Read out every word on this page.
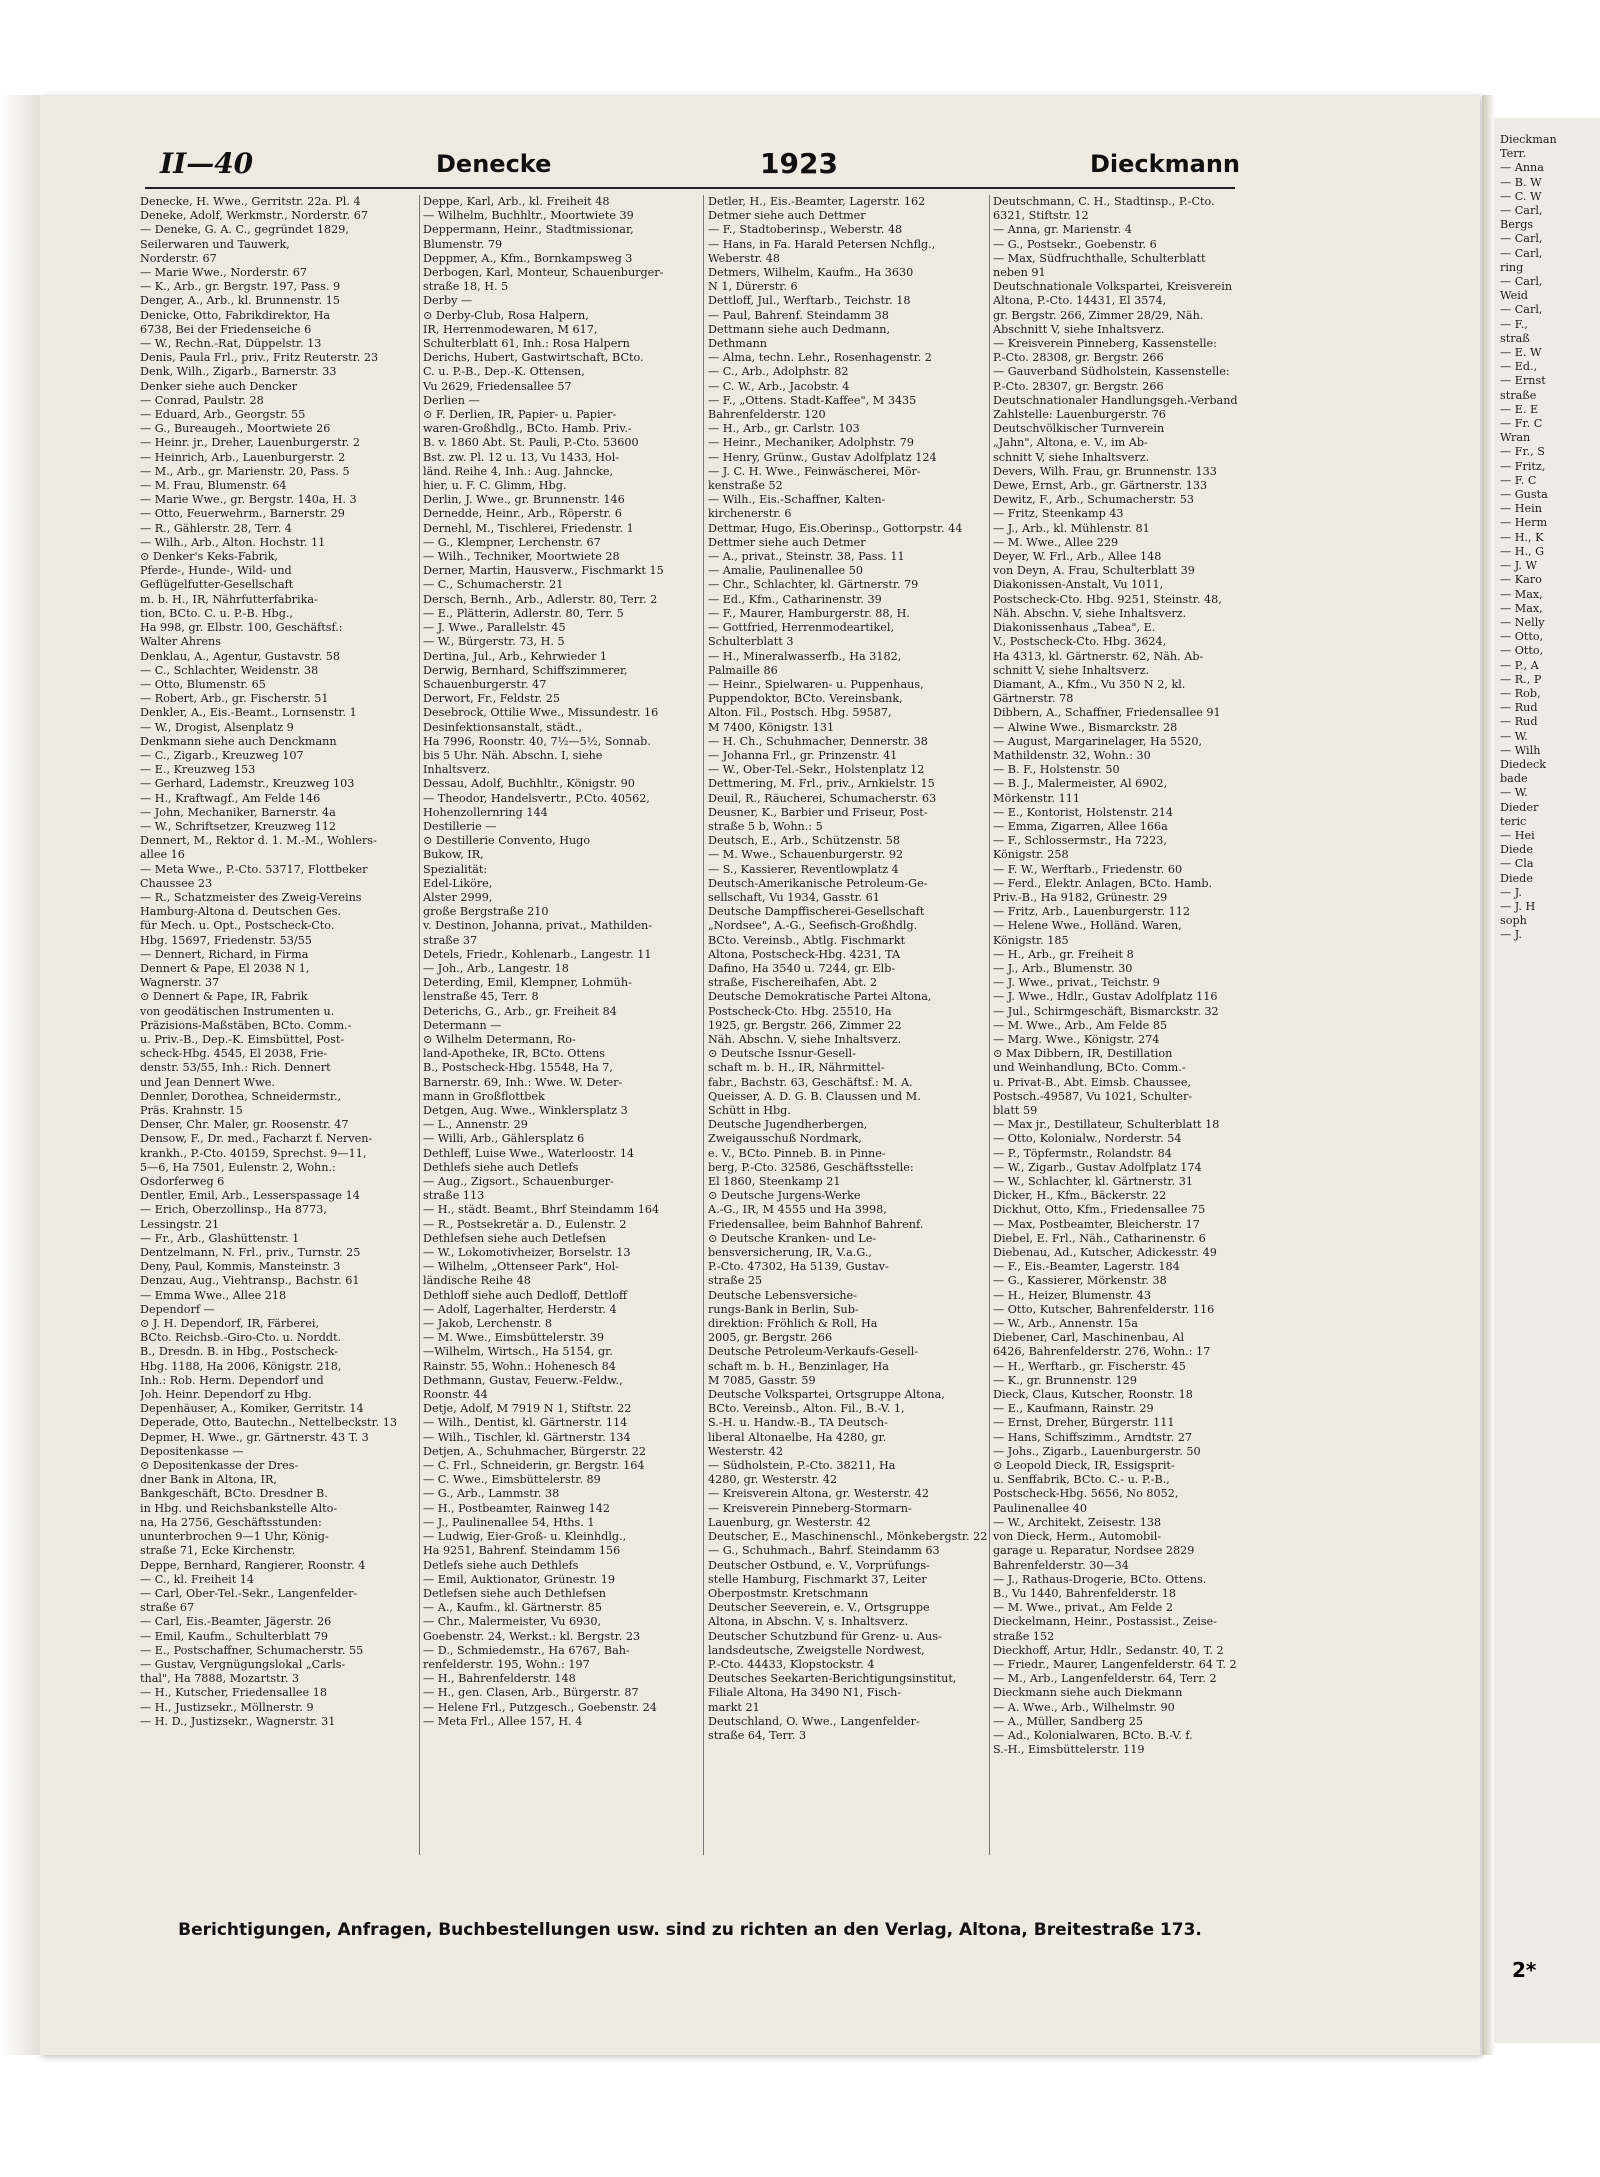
II—40	Denecke	1923	Dieckmann

Denecke, H. Wwe., Gerritstr. 22a. Pl. 4

Deneke, Adolf, Werkmstr., Norderstr. 67

— Deneke, G. A. C., gegründet 1829,

Seilerwaren und Tauwerk,

Norderstr. 67

— Marie Wwe., Norderstr. 67

— K., Arb., gr. Bergstr. 197, Pass. 9

Denger, A., Arb., kl. Brunnenstr. 15

Denicke, Otto, Fabrikdirektor, Ha

6738, Bei der Friedenseiche 6

— W., Rechn.-Rat, Düppelstr. 13

Denis, Paula Frl., priv., Fritz Reuterstr. 23

Denk, Wilh., Zigarb., Barnerstr. 33

Denker siehe auch Dencker

— Conrad, Paulstr. 28

— Eduard, Arb., Georgstr. 55

— G., Bureaugeh., Moortwiete 26

— Heinr. jr., Dreher, Lauenburgerstr. 2

— Heinrich, Arb., Lauenburgerstr. 2

— M., Arb., gr. Marienstr. 20, Pass. 5

— M. Frau, Blumenstr. 64

— Marie Wwe., gr. Bergstr. 140a, H. 3

— Otto, Feuerwehrm., Barnerstr. 29

— R., Gählerstr. 28, Terr. 4

— Wilh., Arb., Alton. Hochstr. 11

⊙ Denker's Keks-Fabrik,

Pferde-, Hunde-, Wild- und

Geflügelfutter-Gesellschaft

m. b. H., IR, Nährfutterfabrika-

tion, BCto. C. u. P.-B. Hbg.,

Ha 998, gr. Elbstr. 100, Geschäftsf.:

Walter Ahrens

Denklau, A., Agentur, Gustavstr. 58

— C., Schlachter, Weidenstr. 38

— Otto, Blumenstr. 65

— Robert, Arb., gr. Fischerstr. 51

Denkler, A., Eis.-Beamt., Lornsenstr. 1

— W., Drogist, Alsenplatz 9

Denkmann siehe auch Denckmann

— C., Zigarb., Kreuzweg 107

— E., Kreuzweg 153

— Gerhard, Lademstr., Kreuzweg 103

— H., Kraftwagf., Am Felde 146

— John, Mechaniker, Barnerstr. 4a

— W., Schriftsetzer, Kreuzweg 112

Dennert, M., Rektor d. 1. M.-M., Wohlers-

allee 16

— Meta Wwe., P.-Cto. 53717, Flottbeker

Chaussee 23

— R., Schatzmeister des Zweig-Vereins

Hamburg-Altona d. Deutschen Ges.

für Mech. u. Opt., Postscheck-Cto.

Hbg. 15697, Friedenstr. 53/55

— Dennert, Richard, in Firma

Dennert & Pape, El 2038 N 1,

Wagnerstr. 37

⊙ Dennert & Pape, IR, Fabrik

von geodätischen Instrumenten u.

Präzisions-Maßstäben, BCto. Comm.-

u. Priv.-B., Dep.-K. Eimsbüttel, Post-

scheck-Hbg. 4545, El 2038, Frie-

denstr. 53/55, Inh.: Rich. Dennert

und Jean Dennert Wwe.

Dennler, Dorothea, Schneidermstr.,

Präs. Krahnstr. 15

Denser, Chr. Maler, gr. Roosenstr. 47

Densow, F., Dr. med., Facharzt f. Nerven-

krankh., P.-Cto. 40159, Sprechst. 9—11,

5—6, Ha 7501, Eulenstr. 2, Wohn.:

Osdorferweg 6

Dentler, Emil, Arb., Lesserspassage 14

— Erich, Oberzollinsp., Ha 8773,

Lessingstr. 21

— Fr., Arb., Glashüttenstr. 1

Dentzelmann, N. Frl., priv., Turnstr. 25

Deny, Paul, Kommis, Mansteinstr. 3

Denzau, Aug., Viehtransp., Bachstr. 61

— Emma Wwe., Allee 218

Dependorf —

⊙ J. H. Dependorf, IR, Färberei,

BCto. Reichsb.-Giro-Cto. u. Norddt.

B., Dresdn. B. in Hbg., Postscheck-

Hbg. 1188, Ha 2006, Königstr. 218,

Inh.: Rob. Herm. Dependorf und

Joh. Heinr. Dependorf zu Hbg.

Depenhäuser, A., Komiker, Gerritstr. 14

Deperade, Otto, Bautechn., Nettelbeckstr. 13

Depmer, H. Wwe., gr. Gärtnerstr. 43 T. 3

Depositenkasse —

⊙ Depositenkasse der Dres-

dner Bank in Altona, IR,

Bankgeschäft, BCto. Dresdner B.

in Hbg. und Reichsbankstelle Alto-

na, Ha 2756, Geschäftsstunden:

ununterbrochen 9—1 Uhr, König-

straße 71, Ecke Kirchenstr.

Deppe, Bernhard, Rangierer, Roonstr. 4

— C., kl. Freiheit 14

— Carl, Ober-Tel.-Sekr., Langenfelder-

straße 67

— Carl, Eis.-Beamter, Jägerstr. 26

— Emil, Kaufm., Schulterblatt 79

— E., Postschaffner, Schumacherstr. 55

— Gustav, Vergnügungslokal „Carls-

thal", Ha 7888, Mozartstr. 3

— H., Kutscher, Friedensallee 18

— H., Justizsekr., Möllnerstr. 9

— H. D., Justizsekr., Wagnerstr. 31

Deppe, Karl, Arb., kl. Freiheit 48

— Wilhelm, Buchhltr., Moortwiete 39

Deppermann, Heinr., Stadtmissionar,

Blumenstr. 79

Deppmer, A., Kfm., Bornkampsweg 3

Derbogen, Karl, Monteur, Schauenburger-

straße 18, H. 5

Derby —

⊙ Derby-Club, Rosa Halpern,

IR, Herrenmodewaren, M 617,

Schulterblatt 61, Inh.: Rosa Halpern

Derichs, Hubert, Gastwirtschaft, BCto.

C. u. P.-B., Dep.-K. Ottensen,

Vu 2629, Friedensallee 57

Derlien —

⊙ F. Derlien, IR, Papier- u. Papier-

waren-Großhdlg., BCto. Hamb. Priv.-

B. v. 1860 Abt. St. Pauli, P.-Cto. 53600

Bst. zw. Pl. 12 u. 13, Vu 1433, Hol-

länd. Reihe 4, Inh.: Aug. Jahncke,

hier, u. F. C. Glimm, Hbg.

Derlin, J. Wwe., gr. Brunnenstr. 146

Dernedde, Heinr., Arb., Röperstr. 6

Dernehl, M., Tischlerei, Friedenstr. 1

— G., Klempner, Lerchenstr. 67

— Wilh., Techniker, Moortwiete 28

Derner, Martin, Hausverw., Fischmarkt 15

— C., Schumacherstr. 21

Dersch, Bernh., Arb., Adlerstr. 80, Terr. 2

— E., Plätterin, Adlerstr. 80, Terr. 5

— J. Wwe., Parallelstr. 45

— W., Bürgerstr. 73, H. 5

Dertina, Jul., Arb., Kehrwieder 1

Derwig, Bernhard, Schiffszimmerer,

Schauenburgerstr. 47

Derwort, Fr., Feldstr. 25

Desebrock, Ottilie Wwe., Missundestr. 16

Desinfektionsanstalt, städt.,

Ha 7996, Roonstr. 40, 7½—5½, Sonnab.

bis 5 Uhr. Näh. Abschn. I, siehe

Inhaltsverz.

Dessau, Adolf, Buchhltr., Königstr. 90

— Theodor, Handelsvertr., P.Cto. 40562,

Hohenzollernring 144

Destillerie —

⊙ Destillerie Convento, Hugo

Bukow, IR,

Spezialität:

Edel-Liköre,

Alster 2999,

große Bergstraße 210

v. Destinon, Johanna, privat., Mathilden-

straße 37

Detels, Friedr., Kohlenarb., Langestr. 11

— Joh., Arb., Langestr. 18

Deterding, Emil, Klempner, Lohmüh-

lenstraße 45, Terr. 8

Deterichs, G., Arb., gr. Freiheit 84

Determann —

⊙ Wilhelm Determann, Ro-

land-Apotheke, IR, BCto. Ottens

B., Postscheck-Hbg. 15548, Ha 7,

Barnerstr. 69, Inh.: Wwe. W. Deter-

mann in Großflottbek

Detgen, Aug. Wwe., Winklersplatz 3

— L., Annenstr. 29

— Willi, Arb., Gählersplatz 6

Dethleff, Luise Wwe., Waterloostr. 14

Dethlefs siehe auch Detlefs

— Aug., Zigsort., Schauenburger-

straße 113

— H., städt. Beamt., Bhrf Steindamm 164

— R., Postsekretär a. D., Eulenstr. 2

Dethlefsen siehe auch Detlefsen

— W., Lokomotivheizer, Borselstr. 13

— Wilhelm, „Ottenseer Park", Hol-

ländische Reihe 48

Dethloff siehe auch Dedloff, Dettloff

— Adolf, Lagerhalter, Herderstr. 4

— Jakob, Lerchenstr. 8

— M. Wwe., Eimsbüttelerstr. 39

—Wilhelm, Wirtsch., Ha 5154, gr.

Rainstr. 55, Wohn.: Hohenesch 84

Dethmann, Gustav, Feuerw.-Feldw.,

Roonstr. 44

Detje, Adolf, M 7919 N 1, Stiftstr. 22

— Wilh., Dentist, kl. Gärtnerstr. 114

— Wilh., Tischler, kl. Gärtnerstr. 134

Detjen, A., Schuhmacher, Bürgerstr. 22

— C. Frl., Schneiderin, gr. Bergstr. 164

— C. Wwe., Eimsbüttelerstr. 89

— G., Arb., Lammstr. 38

— H., Postbeamter, Rainweg 142

— J., Paulinenallee 54, Hths. 1

— Ludwig, Eier-Groß- u. Kleinhdlg.,

Ha 9251, Bahrenf. Steindamm 156

Detlefs siehe auch Dethlefs

— Emil, Auktionator, Grünestr. 19

Detlefsen siehe auch Dethlefsen

— A., Kaufm., kl. Gärtnerstr. 85

— Chr., Malermeister, Vu 6930,

Goebenstr. 24, Werkst.: kl. Bergstr. 23

— D., Schmiedemstr., Ha 6767, Bah-

renfelderstr. 195, Wohn.: 197

— H., Bahrenfelderstr. 148

— H., gen. Clasen, Arb., Bürgerstr. 87

— Helene Frl., Putzgesch., Goebenstr. 24

— Meta Frl., Allee 157, H. 4

Detler, H., Eis.-Beamter, Lagerstr. 162

Detmer siehe auch Dettmer

— F., Stadtoberinsp., Weberstr. 48

— Hans, in Fa. Harald Petersen Nchflg.,

Weberstr. 48

Detmers, Wilhelm, Kaufm., Ha 3630

N 1, Dürerstr. 6

Dettloff, Jul., Werftarb., Teichstr. 18

— Paul, Bahrenf. Steindamm 38

Dettmann siehe auch Dedmann,

Dethmann

— Alma, techn. Lehr., Rosenhagenstr. 2

— C., Arb., Adolphstr. 82

— C. W., Arb., Jacobstr. 4

— F., „Ottens. Stadt-Kaffee", M 3435

Bahrenfelderstr. 120

— H., Arb., gr. Carlstr. 103

— Heinr., Mechaniker, Adolphstr. 79

— Henry, Grünw., Gustav Adolfplatz 124

— J. C. H. Wwe., Feinwäscherei, Mör-

kenstraße 52

— Wilh., Eis.-Schaffner, Kalten-

kirchenerstr. 6

Dettmar, Hugo, Eis.Oberinsp., Gottorpstr. 44

Dettmer siehe auch Detmer

— A., privat., Steinstr. 38, Pass. 11

— Amalie, Paulinenallee 50

— Chr., Schlachter, kl. Gärtnerstr. 79

— Ed., Kfm., Catharinenstr. 39

— F., Maurer, Hamburgerstr. 88, H.

— Gottfried, Herrenmodeartikel,

Schulterblatt 3

— H., Mineralwasserfb., Ha 3182,

Palmaille 86

— Heinr., Spielwaren- u. Puppenhaus,

Puppendoktor, BCto. Vereinsbank,

Alton. Fil., Postsch. Hbg. 59587,

M 7400, Königstr. 131

— H. Ch., Schuhmacher, Dennerstr. 38

— Johanna Frl., gr. Prinzenstr. 41

— W., Ober-Tel.-Sekr., Holstenplatz 12

Dettmering, M. Frl., priv., Arnkielstr. 15

Deuil, R., Räucherei, Schumacherstr. 63

Deusner, K., Barbier und Friseur, Post-

straße 5 b, Wohn.: 5

Deutsch, E., Arb., Schützenstr. 58

— M. Wwe., Schauenburgerstr. 92

— S., Kassierer, Reventlowplatz 4

Deutsch-Amerikanische Petroleum-Ge-

sellschaft, Vu 1934, Gasstr. 61

Deutsche Dampffischerei-Gesellschaft

„Nordsee", A.-G., Seefisch-Großhdlg.

BCto. Vereinsb., Abtlg. Fischmarkt

Altona, Postscheck-Hbg. 4231, TA

Dafino, Ha 3540 u. 7244, gr. Elb-

straße, Fischereihafen, Abt. 2

Deutsche Demokratische Partei Altona,

Postscheck-Cto. Hbg. 25510, Ha

1925, gr. Bergstr. 266, Zimmer 22

Näh. Abschn. V, siehe Inhaltsverz.

⊙ Deutsche Issnur-Gesell-

schaft m. b. H., IR, Nährmittel-

fabr., Bachstr. 63, Geschäftsf.: M. A.

Queisser, A. D. G. B. Claussen und M.

Schütt in Hbg.

Deutsche Jugendherbergen,

Zweigausschuß Nordmark,

e. V., BCto. Pinneb. B. in Pinne-

berg, P.-Cto. 32586, Geschäftsstelle:

El 1860, Steenkamp 21

⊙ Deutsche Jurgens-Werke

A.-G., IR, M 4555 und Ha 3998,

Friedensallee, beim Bahnhof Bahrenf.

⊙ Deutsche Kranken- und Le-

bensversicherung, IR, V.a.G.,

P.-Cto. 47302, Ha 5139, Gustav-

straße 25

Deutsche Lebensversiche-

rungs-Bank in Berlin, Sub-

direktion: Fröhlich & Roll, Ha

2005, gr. Bergstr. 266

Deutsche Petroleum-Verkaufs-Gesell-

schaft m. b. H., Benzinlager, Ha

M 7085, Gasstr. 59

Deutsche Volkspartei, Ortsgruppe Altona,

BCto. Vereinsb., Alton. Fil., B.-V. 1,

S.-H. u. Handw.-B., TA Deutsch-

liberal Altonaelbe, Ha 4280, gr.

Westerstr. 42

— Südholstein, P.-Cto. 38211, Ha

4280, gr. Westerstr. 42

— Kreisverein Altona, gr. Westerstr. 42

— Kreisverein Pinneberg-Stormarn-

Lauenburg, gr. Westerstr. 42

Deutscher, E., Maschinenschl., Mönkebergstr. 22

— G., Schuhmach., Bahrf. Steindamm 63

Deutscher Ostbund, e. V., Vorprüfungs-

stelle Hamburg, Fischmarkt 37, Leiter

Oberpostmstr. Kretschmann

Deutscher Seeverein, e. V., Ortsgruppe

Altona, in Abschn. V, s. Inhaltsverz.

Deutscher Schutzbund für Grenz- u. Aus-

landsdeutsche, Zweigstelle Nordwest,

P.-Cto. 44433, Klopstockstr. 4

Deutsches Seekarten-Berichtigungsinstitut,

Filiale Altona, Ha 3490 N1, Fisch-

markt 21

Deutschland, O. Wwe., Langenfelder-

straße 64, Terr. 3

Deutschmann, C. H., Stadtinsp., P.-Cto.

6321, Stiftstr. 12

— Anna, gr. Marienstr. 4

— G., Postsekr., Goebenstr. 6

— Max, Südfruchthalle, Schulterblatt

neben 91

Deutschnationale Volkspartei, Kreisverein

Altona, P.-Cto. 14431, El 3574,

gr. Bergstr. 266, Zimmer 28/29, Näh.

Abschnitt V, siehe Inhaltsverz.

— Kreisverein Pinneberg, Kassenstelle:

P.-Cto. 28308, gr. Bergstr. 266

— Gauverband Südholstein, Kassenstelle:

P.-Cto. 28307, gr. Bergstr. 266

Deutschnationaler Handlungsgeh.-Verband

Zahlstelle: Lauenburgerstr. 76

Deutschvölkischer Turnverein

„Jahn", Altona, e. V., im Ab-

schnitt V, siehe Inhaltsverz.

Devers, Wilh. Frau, gr. Brunnenstr. 133

Dewe, Ernst, Arb., gr. Gärtnerstr. 133

Dewitz, F., Arb., Schumacherstr. 53

— Fritz, Steenkamp 43

— J., Arb., kl. Mühlenstr. 81

— M. Wwe., Allee 229

Deyer, W. Frl., Arb., Allee 148

von Deyn, A. Frau, Schulterblatt 39

Diakonissen-Anstalt, Vu 1011,

Postscheck-Cto. Hbg. 9251, Steinstr. 48,

Näh. Abschn. V, siehe Inhaltsverz.

Diakonissenhaus „Tabea", E.

V., Postscheck-Cto. Hbg. 3624,

Ha 4313, kl. Gärtnerstr. 62, Näh. Ab-

schnitt V, siehe Inhaltsverz.

Diamant, A., Kfm., Vu 350 N 2, kl.

Gärtnerstr. 78

Dibbern, A., Schaffner, Friedensallee 91

— Alwine Wwe., Bismarckstr. 28

— August, Margarinelager, Ha 5520,

Mathildenstr. 32, Wohn.: 30

— B. F., Holstenstr. 50

— B. J., Malermeister, Al 6902,

Mörkenstr. 111

— E., Kontorist, Holstenstr. 214

— Emma, Zigarren, Allee 166a

— F., Schlossermstr., Ha 7223,

Königstr. 258

— F. W., Werftarb., Friedenstr. 60

— Ferd., Elektr. Anlagen, BCto. Hamb.

Priv.-B., Ha 9182, Grünestr. 29

— Fritz, Arb., Lauenburgerstr. 112

— Helene Wwe., Holländ. Waren,

Königstr. 185

— H., Arb., gr. Freiheit 8

— J., Arb., Blumenstr. 30

— J. Wwe., privat., Teichstr. 9

— J. Wwe., Hdlr., Gustav Adolfplatz 116

— Jul., Schirmgeschäft, Bismarckstr. 32

— M. Wwe., Arb., Am Felde 85

— Marg. Wwe., Königstr. 274

⊙ Max Dibbern, IR, Destillation

und Weinhandlung, BCto. Comm.-

u. Privat-B., Abt. Eimsb. Chaussee,

Postsch.-49587, Vu 1021, Schulter-

blatt 59

— Max jr., Destillateur, Schulterblatt 18

— Otto, Kolonialw., Norderstr. 54

— P., Töpfermstr., Rolandstr. 84

— W., Zigarb., Gustav Adolfplatz 174

— W., Schlachter, kl. Gärtnerstr. 31

Dicker, H., Kfm., Bäckerstr. 22

Dickhut, Otto, Kfm., Friedensallee 75

— Max, Postbeamter, Bleicherstr. 17

Diebel, E. Frl., Näh., Catharinenstr. 6

Diebenau, Ad., Kutscher, Adickesstr. 49

— F., Eis.-Beamter, Lagerstr. 184

— G., Kassierer, Mörkenstr. 38

— H., Heizer, Blumenstr. 43

— Otto, Kutscher, Bahrenfelderstr. 116

— W., Arb., Annenstr. 15a

Diebener, Carl, Maschinenbau, Al

6426, Bahrenfelderstr. 276, Wohn.: 17

— H., Werftarb., gr. Fischerstr. 45

— K., gr. Brunnenstr. 129

Dieck, Claus, Kutscher, Roonstr. 18

— E., Kaufmann, Rainstr. 29

— Ernst, Dreher, Bürgerstr. 111

— Hans, Schiffszimm., Arndtstr. 27

— Johs., Zigarb., Lauenburgerstr. 50

⊙ Leopold Dieck, IR, Essigsprit-

u. Senffabrik, BCto. C.- u. P.-B.,

Postscheck-Hbg. 5656, No 8052,

Paulinenallee 40

— W., Architekt, Zeisestr. 138

von Dieck, Herm., Automobil-

garage u. Reparatur, Nordsee 2829

Bahrenfelderstr. 30—34

— J., Rathaus-Drogerie, BCto. Ottens.

B., Vu 1440, Bahrenfelderstr. 18

— M. Wwe., privat., Am Felde 2

Dieckelmann, Heinr., Postassist., Zeise-

straße 152

Dieckhoff, Artur, Hdlr., Sedanstr. 40, T. 2

— Friedr., Maurer, Langenfelderstr. 64 T. 2

— M., Arb., Langenfelderstr. 64, Terr. 2

Dieckmann siehe auch Diekmann

— A. Wwe., Arb., Wilhelmstr. 90

— A., Müller, Sandberg 25

— Ad., Kolonialwaren, BCto. B.-V. f.

S.-H., Eimsbüttelerstr. 119

Berichtigungen, Anfragen, Buchbestellungen usw. sind zu richten an den Verlag, Altona, Breitestraße 173.

Dieckman

Terr.

— Anna

— B. W

— C. W

— Carl,

Bergs

— Carl,

— Carl,

ring

— Carl,

Weid

— Carl,

— F.,

straß

— E. W

— Ed.,

— Ernst

straße

— E. E

— Fr. C

Wran

— Fr., S

— Fritz,

— F. C

— Gusta

— Hein

— Herm

— H., K

— H., G

— J. W

— Karo

— Max,

— Max,

— Nelly

— Otto,

— Otto,

— P., A

— R., P

— Rob,

— Rud

— Rud

— W.

— Wilh

Diedeck

bade

— W.

Dieder

teric

— Hei

Diede

— Cla

Diede

— J.

— J. H

soph

— J.

2*
